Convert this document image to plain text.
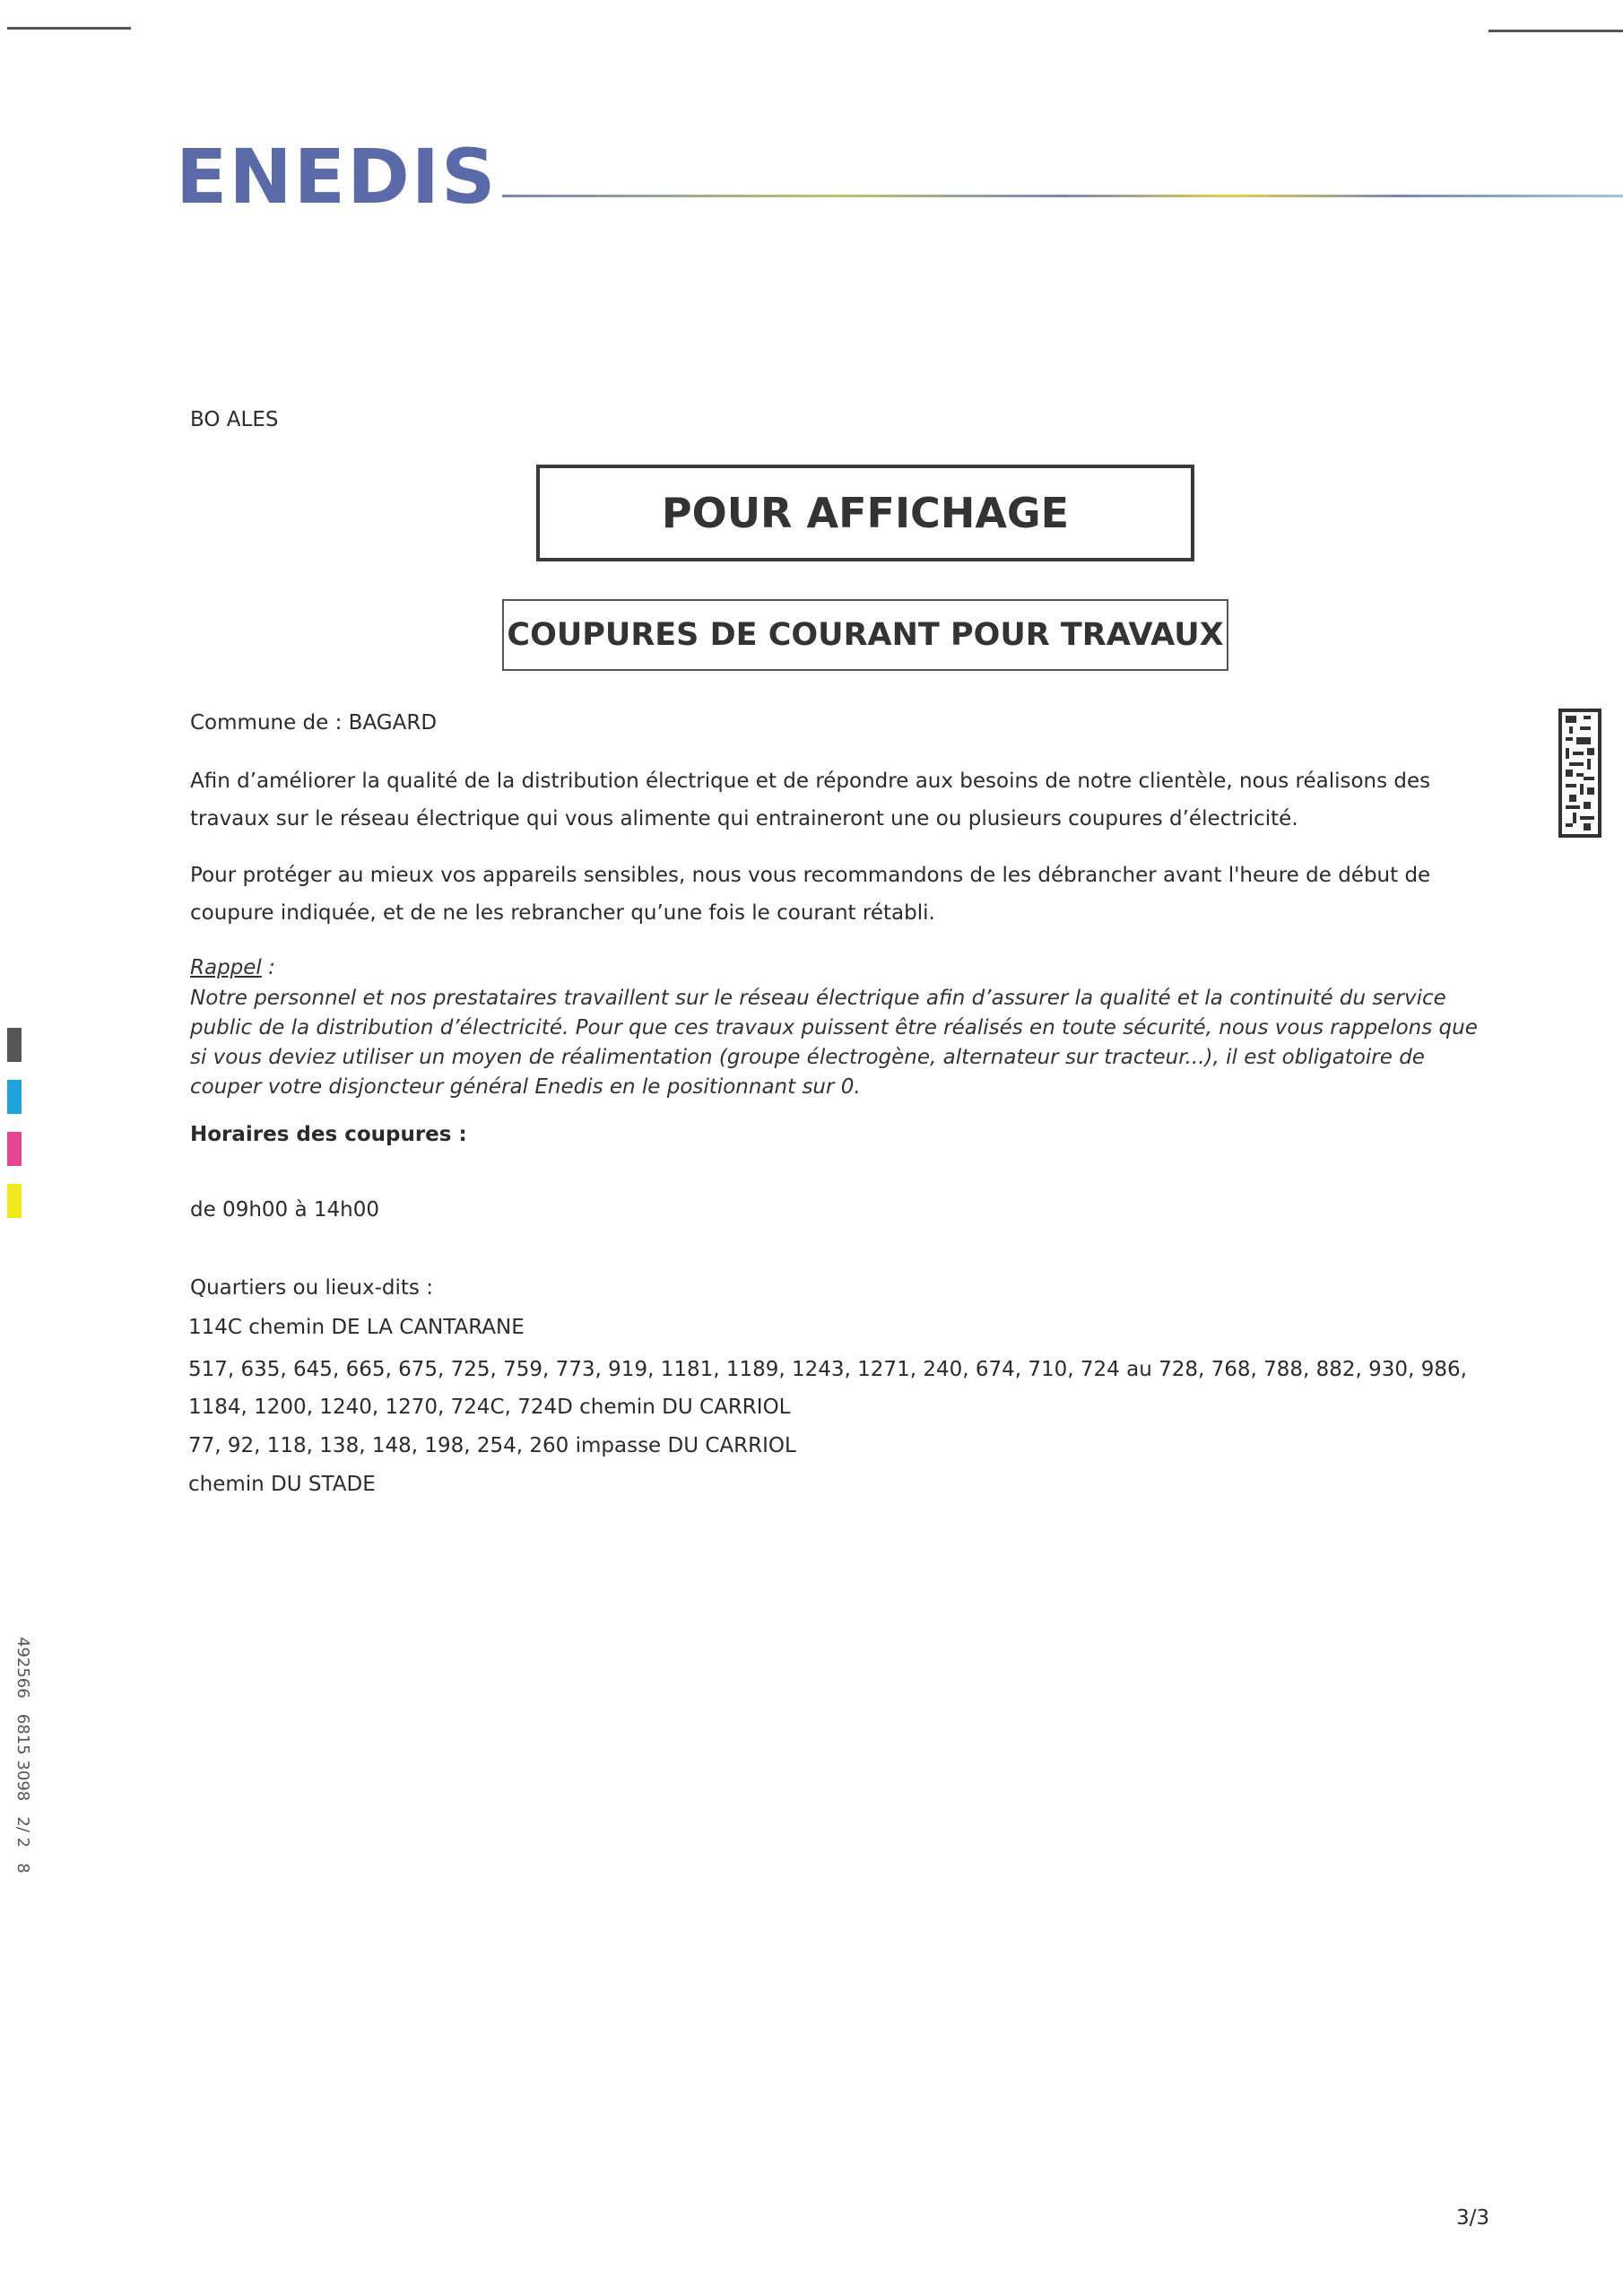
ENEDIS
BO ALES
POUR AFFICHAGE
COUPURES DE COURANT POUR TRAVAUX
Commune de : BAGARD
Afin d’améliorer la qualité de la distribution électrique et de répondre aux besoins de notre clientèle, nous réalisons des travaux sur le réseau électrique qui vous alimente qui entraineront une ou plusieurs coupures d’électricité.
Pour protéger au mieux vos appareils sensibles, nous vous recommandons de les débrancher avant l'heure de début de coupure indiquée, et de ne les rebrancher qu’une fois le courant rétabli.
Rappel :
Notre personnel et nos prestataires travaillent sur le réseau électrique afin d’assurer la qualité et la continuité du service public de la distribution d’électricité. Pour que ces travaux puissent être réalisés en toute sécurité, nous vous rappelons que si vous deviez utiliser un moyen de réalimentation (groupe électrogène, alternateur sur tracteur...), il est obligatoire de couper votre disjoncteur général Enedis en le positionnant sur 0.
Horaires des coupures :
de 09h00 à 14h00
Quartiers ou lieux-dits :
114C chemin DE LA CANTARANE
517, 635, 645, 665, 675, 725, 759, 773, 919, 1181, 1189, 1243, 1271, 240, 674, 710, 724 au 728, 768, 788, 882, 930, 986, 1184, 1200, 1240, 1270, 724C, 724D chemin DU CARRIOL
77, 92, 118, 138, 148, 198, 254, 260 impasse DU CARRIOL
chemin DU STADE
492566   6815 3098   2/ 2   8
3/3
